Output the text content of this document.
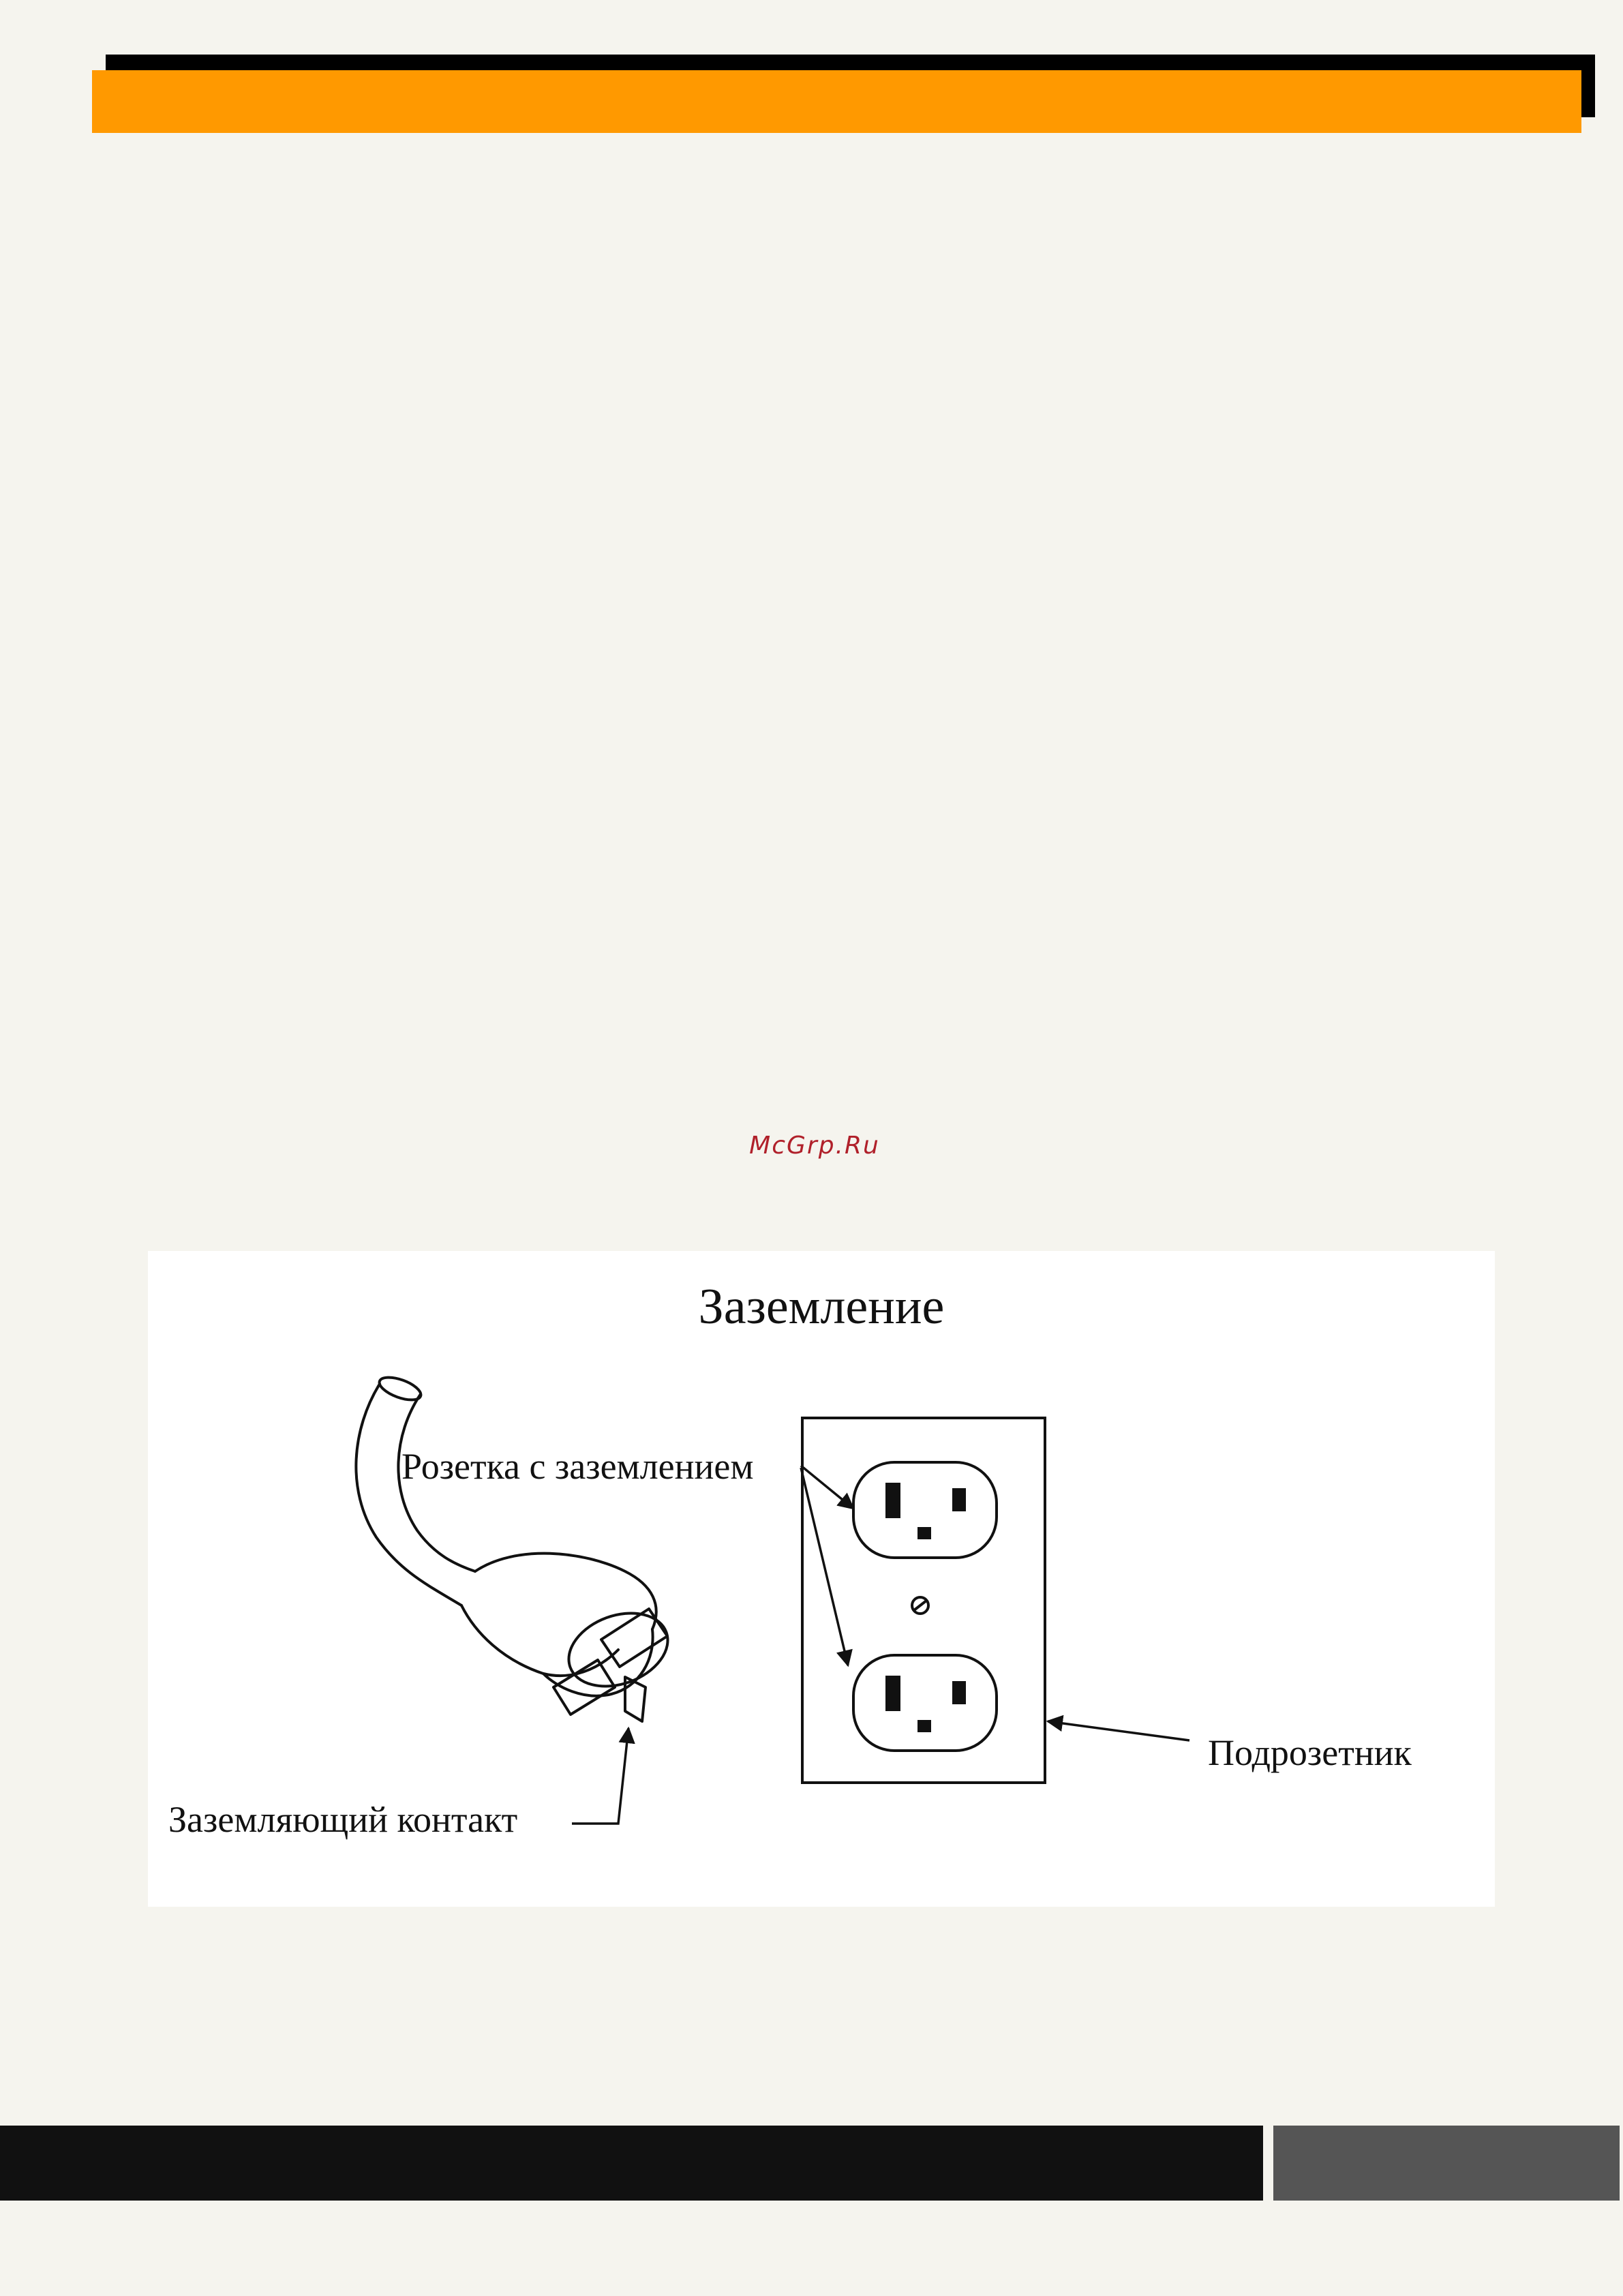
McGrp.Ru
Заземление
Розетка с заземлением
Подрозетник
Заземляющий контакт
